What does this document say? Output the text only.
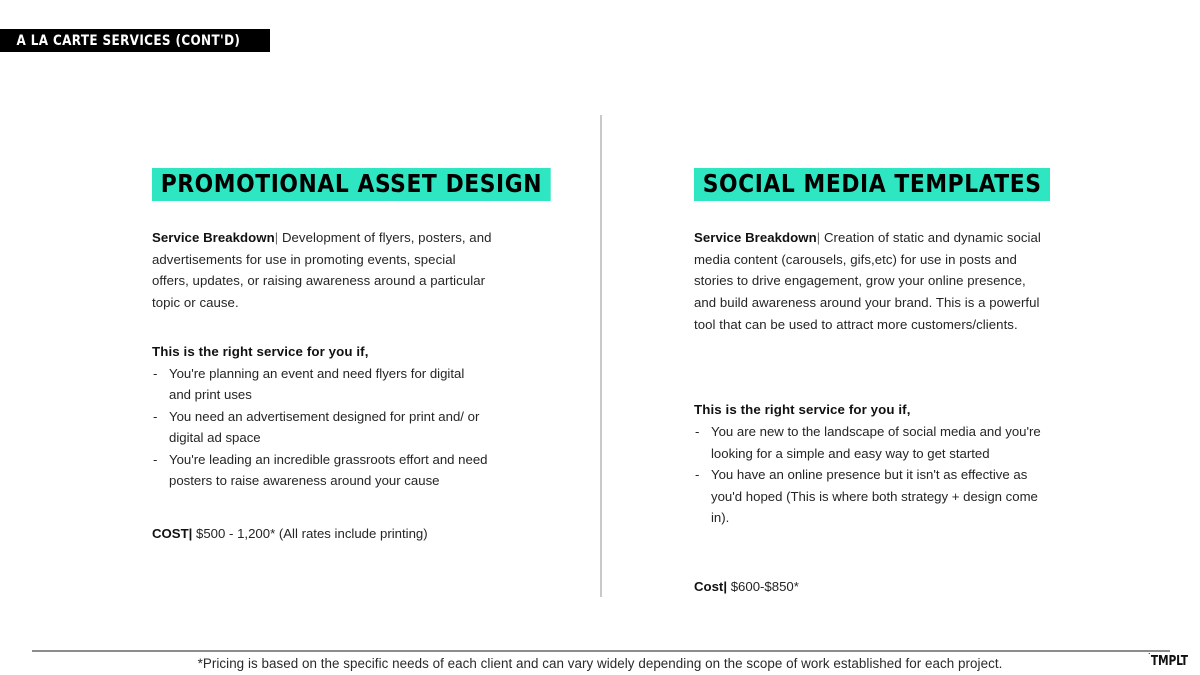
A LA CARTE SERVICES (CONT'D)
PROMOTIONAL ASSET DESIGN
Service Breakdown| Development of flyers, posters, and advertisements for use in promoting events, special offers, updates, or raising awareness around a particular topic or cause.
This is the right service for you if,
- You're planning an event and need flyers for digital and print uses
- You need an advertisement designed for print and/ or digital ad space
- You're leading an incredible grassroots effort and need posters to raise awareness around your cause
COST| $500 - 1,200* (All rates include printing)
SOCIAL MEDIA TEMPLATES
Service Breakdown| Creation of static and dynamic social media content (carousels, gifs,etc) for use in posts and stories to drive engagement, grow your online presence, and build awareness around your brand. This is a powerful tool that can be used to attract more customers/clients.
This is the right service for you if,
- You are new to the landscape of social media and you're looking for a simple and easy way to get started
- You have an online presence but it isn't as effective as you'd hoped (This is where both strategy + design come in).
Cost| $600-$850*
*Pricing is based on the specific needs of each client and can vary widely depending on the scope of work established for each project.	˙ TMPLT
